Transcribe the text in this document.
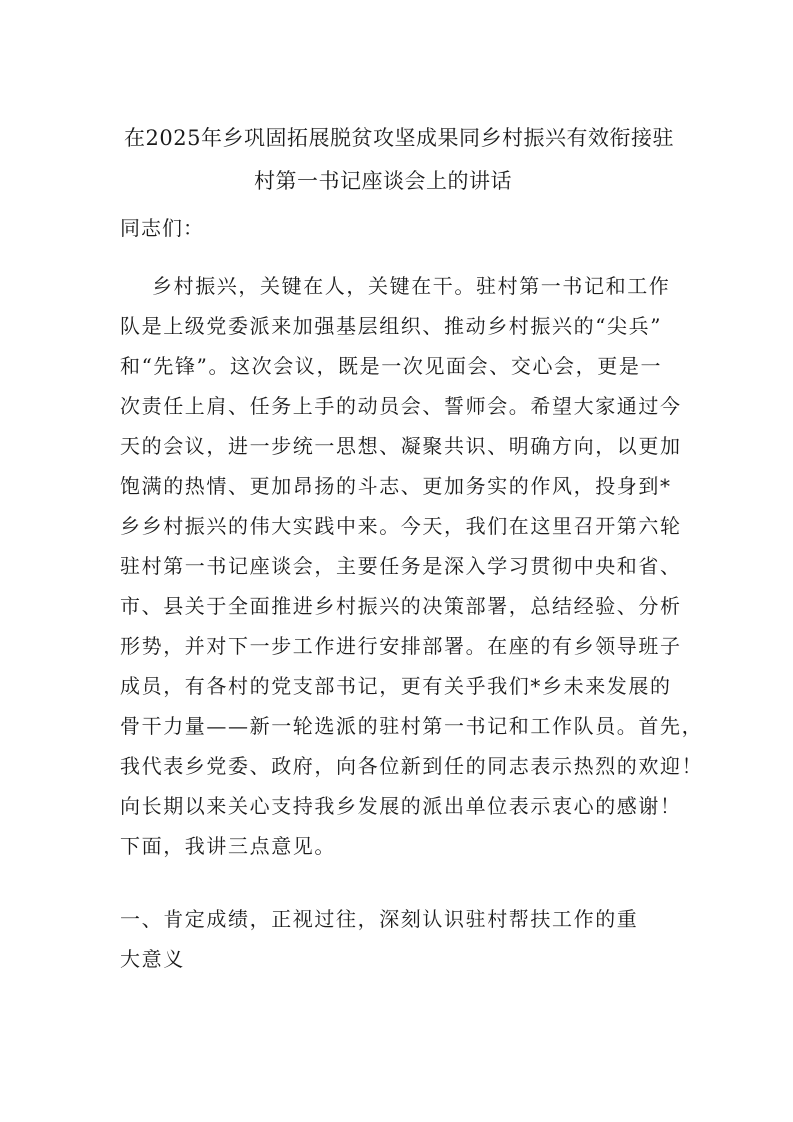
在2025年乡巩固拓展脱贫攻坚成果同乡村振兴有效衔接驻
村第一书记座谈会上的讲话
同志们：

乡村振兴，关键在人，关键在干。驻村第一书记和工作

队是上级党委派来加强基层组织、推动乡村振兴的“尖兵”

和“先锋”。这次会议，既是一次见面会、交心会，更是一

次责任上肩、任务上手的动员会、誓师会。希望大家通过今

天的会议，进一步统一思想、凝聚共识、明确方向，以更加

饱满的热情、更加昂扬的斗志、更加务实的作风，投身到*

乡乡村振兴的伟大实践中来。今天，我们在这里召开第六轮

驻村第一书记座谈会，主要任务是深入学习贯彻中央和省、

市、县关于全面推进乡村振兴的决策部署，总结经验、分析

形势，并对下一步工作进行安排部署。在座的有乡领导班子

成员，有各村的党支部书记，更有关乎我们*乡未来发展的

骨干力量——新一轮选派的驻村第一书记和工作队员。首先，

我代表乡党委、政府，向各位新到任的同志表示热烈的欢迎！

向长期以来关心支持我乡发展的派出单位表示衷心的感谢！

下面，我讲三点意见。

一、肯定成绩，正视过往，深刻认识驻村帮扶工作的重
大意义
